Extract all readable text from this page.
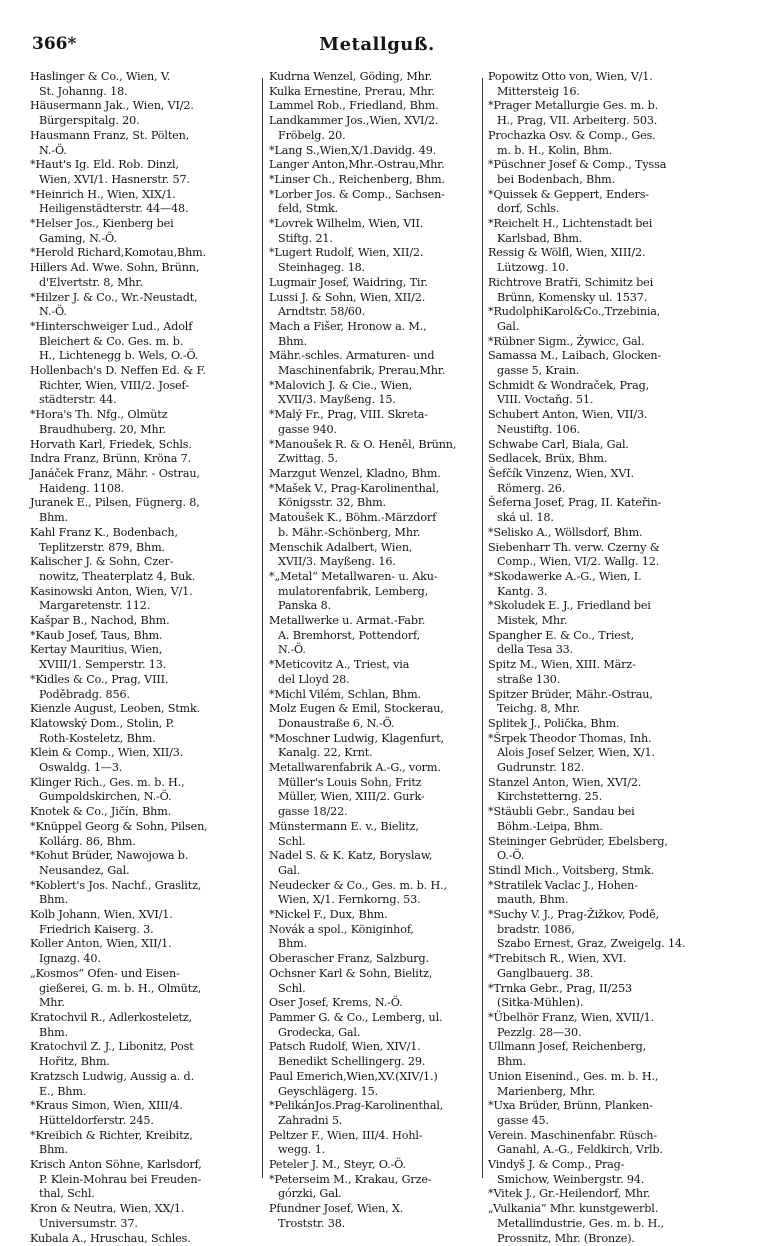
366*	Metallguß.
Haslinger & Co., Wien, V.
St. Johanng. 18.
Häusermann Jak., Wien, VI/2.
Bürgerspitalg. 20.
Hausmann Franz, St. Pölten,
N.-Ö.
*Haut's Ig. Eld. Rob. Dinzl,
Wien, XVI/1. Hasnerstr. 57.
*Heinrich H., Wien, XIX/1.
Heiligenstädterstr. 44—48.
*Helser Jos., Kienberg bei
Gaming, N.-Ö.
*Herold Richard,Komotau,Bhm.
Hillers Ad. Wwe. Sohn, Brünn,
d'Elvertstr. 8, Mhr.
*Hilzer J. & Co., Wr.-Neustadt,
N.-Ö.
*Hinterschweiger Lud., Adolf
Bleichert & Co. Ges. m. b.
H., Lichtenegg b. Wels, O.-Ö.
Hollenbach's D. Neffen Ed. & F.
Richter, Wien, VIII/2. Josef-
städterstr. 44.
*Hora's Th. Nfg., Olmütz
Braudhuberg. 20, Mhr.
Horvath Karl, Friedek, Schls.
Indra Franz, Brünn, Kröna 7.
Janáček Franz, Mähr. - Ostrau,
Haideng. 1108.
Juranek E., Pilsen, Fügnerg. 8,
Bhm.
Kahl Franz K., Bodenbach,
Teplitzerstr. 879, Bhm.
Kalischer J. & Sohn, Czer-
nowitz, Theaterplatz 4, Buk.
Kasinowski Anton, Wien, V/1.
Margaretenstr. 112.
Kašpar B., Nachod, Bhm.
*Kaub Josef, Taus, Bhm.
Kertay Mauritius, Wien,
XVIII/1. Semperstr. 13.
*Kidles & Co., Prag, VIII.
Poděbradg. 856.
Kienzle August, Leoben, Stmk.
Klatowský Dom., Stolin, P.
Roth-Kosteletz, Bhm.
Klein & Comp., Wien, XII/3.
Oswaldg. 1—3.
Klinger Rich., Ges. m. b. H.,
Gumpoldskirchen, N.-Ö.
Knotek & Co., Jičín, Bhm.
*Knüppel Georg & Sohn, Pilsen,
Kollárg. 86, Bhm.
*Kohut Brüder, Nawojowa b.
Neusandez, Gal.
*Koblert's Jos. Nachf., Graslitz,
Bhm.
Kolb Johann, Wien, XVI/1.
Friedrich Kaiserg. 3.
Koller Anton, Wien, XII/1.
Ignazg. 40.
„Kosmos“ Ofen- und Eisen-
gießerei, G. m. b. H., Olmütz,
Mhr.
Kratochvil R., Adlerkosteletz,
Bhm.
Kratochvil Z. J., Libonitz, Post
Hořitz, Bhm.
Kratzsch Ludwig, Aussig a. d.
E., Bhm.
*Kraus Simon, Wien, XIII/4.
Hütteldorferstr. 245.
*Kreibich & Richter, Kreibitz,
Bhm.
Krisch Anton Söhne, Karlsdorf,
P. Klein-Mohrau bei Freuden-
thal, Schl.
Kron & Neutra, Wien, XX/1.
Universumstr. 37.
Kubala A., Hruschau, Schles.
Kudrna Wenzel, Göding, Mhr.
Kulka Ernestine, Prerau, Mhr.
Lammel Rob., Friedland, Bhm.
Landkammer Jos.,Wien, XVI/2.
Fröbelg. 20.
*Lang S.,Wien,X/1.Davidg. 49.
Langer Anton,Mhr.-Ostrau,Mhr.
*Linser Ch., Reichenberg, Bhm.
*Lorber Jos. & Comp., Sachsen-
feld, Stmk.
*Lovrek Wilhelm, Wien, VII.
Stiftg. 21.
*Lugert Rudolf, Wien, XII/2.
Steinhageg. 18.
Lugmair Josef, Waidring, Tir.
Lussi J. & Sohn, Wien, XII/2.
Arndtstr. 58/60.
Mach a Fišer, Hronow a. M.,
Bhm.
Mähr.-schles. Armaturen- und
Maschinenfabrik, Prerau,Mhr.
*Malovich J. & Cie., Wien,
XVII/3. Mayßeng. 15.
*Malý Fr., Prag, VIII. Skreta-
gasse 940.
*Manoušek R. & O. Heněl, Brünn,
Zwittag. 5.
Marzgut Wenzel, Kladno, Bhm.
*Mašek V., Prag-Karolinenthal,
Königsstr. 32, Bhm.
Matoušek K., Böhm.-Märzdorf
b. Mähr.-Schönberg, Mhr.
Menschik Adalbert, Wien,
XVII/3. Mayßeng. 16.
*„Metal“ Metallwaren- u. Aku-
mulatorenfabrik, Lemberg,
Panska 8.
Metallwerke u. Armat.-Fabr.
A. Bremhorst, Pottendorf,
N.-Ö.
*Meticovitz A., Triest, via
del Lloyd 28.
*Michl Vilém, Schlan, Bhm.
Molz Eugen & Emil, Stockerau,
Donaustraße 6, N.-Ö.
*Moschner Ludwig, Klagenfurt,
Kanalg. 22, Krnt.
Metallwarenfabrik A.-G., vorm.
Müller's Louis Sohn, Fritz
Müller, Wien, XIII/2. Gurk-
gasse 18/22.
Münstermann E. v., Bielitz,
Schl.
Nadel S. & K. Katz, Boryslaw,
Gal.
Neudecker & Co., Ges. m. b. H.,
Wien, X/1. Fernkorng. 53.
*Nickel F., Dux, Bhm.
Novák a spol., Königinhof,
Bhm.
Oberascher Franz, Salzburg.
Ochsner Karl & Sohn, Bielitz,
Schl.
Oser Josef, Krems, N.-Ö.
Pammer G. & Co., Lemberg, ul.
Grodecka, Gal.
Patsch Rudolf, Wien, XIV/1.
Benedikt Schellingerg. 29.
Paul Emerich,Wien,XV.(XIV/1.)
Geyschlägerg. 15.
*PelikánJos.Prag-Karolinenthal,
Zahradni 5.
Peltzer F., Wien, III/4. Hohl-
wegg. 1.
Peteler J. M., Steyr, O.-Ö.
*Peterseim M., Krakau, Grze-
górzki, Gal.
Pfundner Josef, Wien, X.
Troststr. 38.
Popowitz Otto von, Wien, V/1.
Mittersteig 16.
*Prager Metallurgie Ges. m. b.
H., Prag, VII. Arbeiterg. 503.
Prochazka Osv. & Comp., Ges.
m. b. H., Kolin, Bhm.
*Püschner Josef & Comp., Tyssa
bei Bodenbach, Bhm.
*Quissek & Geppert, Enders-
dorf, Schls.
*Reichelt H., Lichtenstadt bei
Karlsbad, Bhm.
Ressig & Wölfl, Wien, XIII/2.
Lützowg. 10.
Richtrove Bratři, Schimitz bei
Brünn, Komensky ul. 1537.
*RudolphiKarol&Co.,Trzebinia,
Gal.
*Rübner Sigm., Żywicc, Gal.
Samassa M., Laibach, Glocken-
gasse 5, Krain.
Schmidt & Wondraček, Prag,
VIII. Voctaňg. 51.
Schubert Anton, Wien, VII/3.
Neustiftg. 106.
Schwabe Carl, Biala, Gal.
Sedlacek, Brüx, Bhm.
Šefčík Vinzenz, Wien, XVI.
Römerg. 26.
Šeferna Josef, Prag, II. Kateřin-
ská ul. 18.
*Selisko A., Wöllsdorf, Bhm.
Siebenharr Th. verw. Czerny &
Comp., Wien, VI/2. Wallg. 12.
*Skodawerke A.-G., Wien, I.
Kantg. 3.
*Skoludek E. J., Friedland bei
Mistek, Mhr.
Spangher E. & Co., Triest,
della Tesa 33.
Spitz M., Wien, XIII. März-
straße 130.
Spitzer Brüder, Mähr.-Ostrau,
Teichg. 8, Mhr.
Splitek J., Polička, Bhm.
*Šrpek Theodor Thomas, Inh.
Alois Josef Selzer, Wien, X/1.
Gudrunstr. 182.
Stanzel Anton, Wien, XVI/2.
Kirchstetterng. 25.
*Stäubli Gebr., Sandau bei
Böhm.-Leipa, Bhm.
Steininger Gebrüder, Ebelsberg,
O.-Ö.
Stindl Mich., Voitsberg, Stmk.
*Stratilek Vaclac J., Hohen-
mauth, Bhm.
*Suchy V. J., Prag-Žižkov, Podě,
bradstr. 1086,
Szabo Ernest, Graz, Zweigelg. 14.
*Trebitsch R., Wien, XVI.
Ganglbauerg. 38.
*Trnka Gebr., Prag, II/253
(Sitka-Mühlen).
*Übelhör Franz, Wien, XVII/1.
Pezzlg. 28—30.
Ullmann Josef, Reichenberg,
Bhm.
Union Eisenind., Ges. m. b. H.,
Marienberg, Mhr.
*Uxa Brüder, Brünn, Planken-
gasse 45.
Verein. Maschinenfabr. Rüsch-
Ganahl, A.-G., Feldkirch, Vrlb.
Vindyš J. & Comp., Prag-
Smichow, Weinbergstr. 94.
*Vitek J., Gr.-Heilendorf, Mhr.
„Vulkania“ Mhr. kunstgewerbl.
Metallindustrie, Ges. m. b. H.,
Prossnitz, Mhr. (Bronze).
